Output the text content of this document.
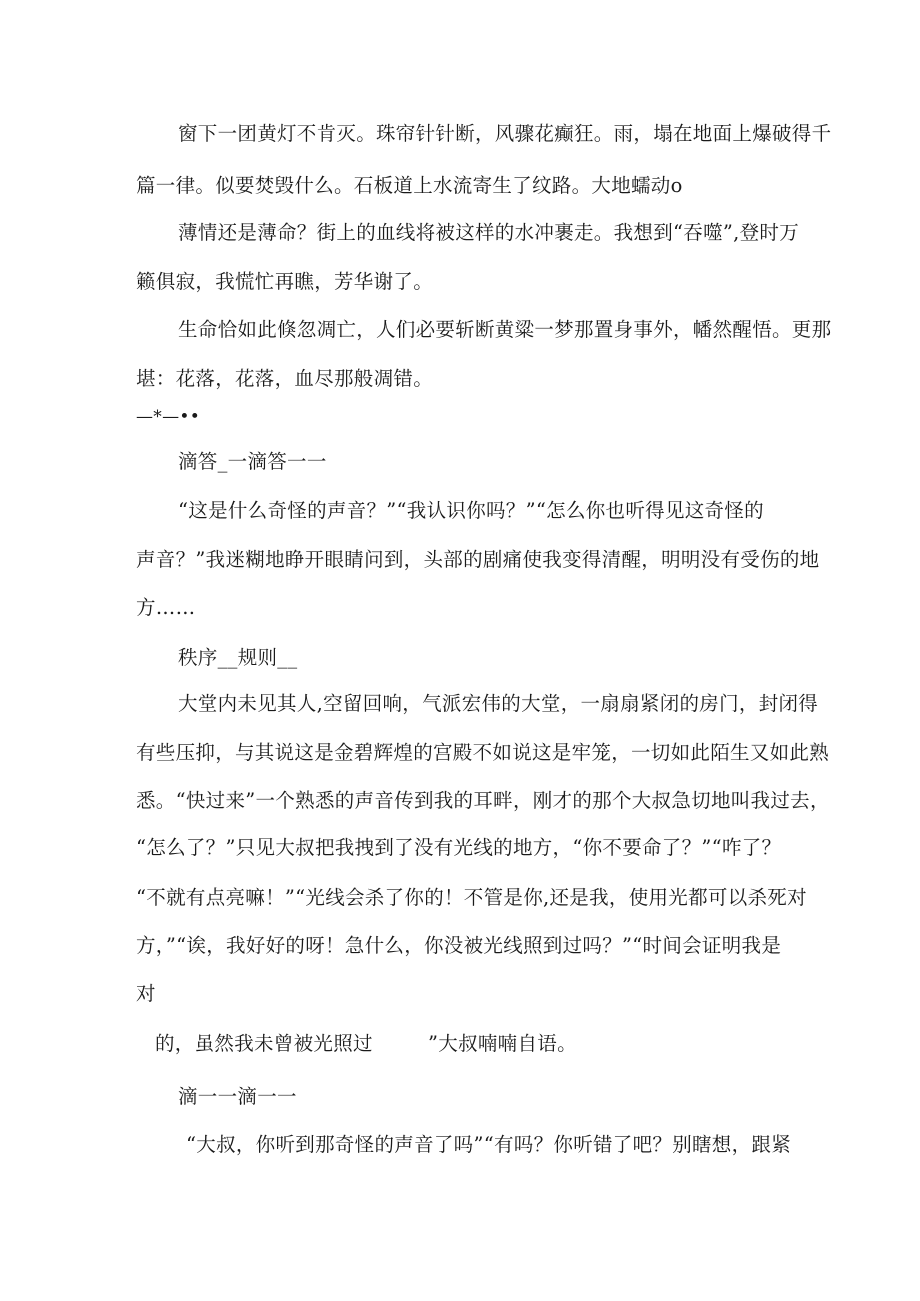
窗下一团黄灯不肯灭。珠帘针针断，风骤花癫狂。雨，塌在地面上爆破得千

篇一律。似要焚毁什么。石板道上水流寄生了纹路。大地蠕动o

薄情还是薄命？街上的血线将被这样的水冲裹走。我想到“吞噬”,登时万

籁俱寂，我慌忙再瞧，芳华谢了。

生命恰如此倏忽凋亡，人们必要斩断黄粱一梦那置身事外，幡然醒悟。更那

堪：花落，花落，血尽那般凋错。

—*—••

滴答_一滴答一一

“这是什么奇怪的声音？”“我认识你吗？”“怎么你也听得见这奇怪的

声音？”我迷糊地睁开眼睛问到，头部的剧痛使我变得清醒，明明没有受伤的地

方……

秩序__规则__

大堂内未见其人,空留回响，气派宏伟的大堂，一扇扇紧闭的房门，封闭得

有些压抑，与其说这是金碧辉煌的宫殿不如说这是牢笼，一切如此陌生又如此熟

悉。“快过来”一个熟悉的声音传到我的耳畔，刚才的那个大叔急切地叫我过去，

“怎么了？”只见大叔把我拽到了没有光线的地方，“你不要命了？”“咋了？

“不就有点亮嘛！”“光线会杀了你的！不管是你,还是我，使用光都可以杀死对

方，”“诶，我好好的呀！急什么，你没被光线照到过吗？”“时间会证明我是

对

的，虽然我未曾被光照过	”大叔喃喃自语。

滴一一滴一一

“大叔，你听到那奇怪的声音了吗”“有吗？你听错了吧？别瞎想，跟紧
